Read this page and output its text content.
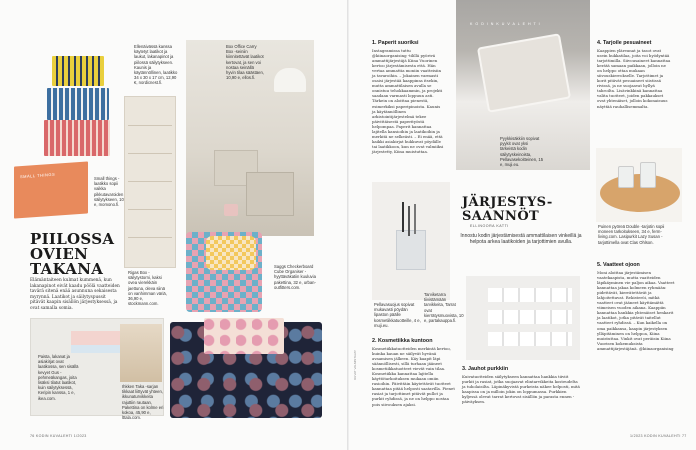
Ellenäivässä kanssa käytetyt laatikot ja laukut, lakanapinot ja piilossä säilytykseen. Kaunis ja käytännöllinen, laatikko 34 x 30 x 17 cm, 12,90 €, nordicnest.fi.
SMALL THINGS	Small things -laatikko sopii vaikka pikkutavaroiden säilytykseen, 10 e, momono.fi.
Box Office Carry Box -seiniin kiinnitettävät laatikot kertovat, ja sen voi nostaa seinällä hyvin tilaa säästäen, 10,90 e, ellos.fi.
PIILOSSA
OVIEN
TAKANA
Elämäntaiteen kulmat kummenä, kun lakanapinot eivät kaadu pöölä vaatteiden tavärä sitenä enää asunnuna sekaisesta myrynnä. Laatikot ja säilytyspussit pitävät kaapin sisällön järjestyksessä, ja ovat samalla somia.
Rigas Box -säilytystorni, kaksi ovea vierekkäin jaettuna, oleva siinä on vanhimman väriä, 36,90 e, stockmann.com.
Saggs Checkerboard Cube Organiser -hyyttäväkatiin kuuluvia pakettina, 32 e, urban-outfitters.com.
Paista, lakanat ja asiakirjat ovat laatikossa, sen sisällä kevyet Gus -pehmeäkangas, joita lisäksi tilatut laatikot, kuin säilytyksessä, Keripin kanssa, 1 e, ikea.com.
Ihkken Taka -sarjan tikkaat liittyvät yhteen, ikkunaturvikkeita rajuttiin rautaan, Pakettina on kolme eri kokoa, 45,90 e, lttala.com.
76 KODIN KUVALEHTI 1/2023
K O D I N K U V A L E H T I
Pyykkisäkkiin sopivat pyykit ovat yksi tärkeistä kodin säilytyskeinoista, Pellavasekoitteinen, 15 e, muji.eu.
1. Paperit suoriksi
Instagramissa tuttu @kiinaorganising -tilillä pyörivä ammattijärjestäjä Kiina Vuorinen kertoo järjestämisesta että. Hän vertaa ammattia moniin vaatteisiin ja tavaroihin. – Jokainen varmasti osaisi järjestää kaappinsa itsekin, mutta ammattilaisen avulla se onnistuu tehokkaammin, ja projekti saadaan varmasti loppuun asti. Tärkein on aloittaa pienestä, esimerkiksi paperipinoista. Kaunis ja käytännöllinen arkistointijärjestelmä tekee päivittäisestä paperityöstä helpompaa. Paperit kannattaa lajitella kansioihin ja laatikoihin ja merkitä ne selkeästi. – Ei enää, että kaikki asiakirjat hukkuvat pöydälle tai laatikkoon, kun ne ovat valmiiksi järjestetty, Kiina muistuttaa.
4. Tarjoile pesuaineet
Kaappien yläreunat ja tasot ovat usein hukkatilaa, joita voi hyödyntää tarjottimilla. Siivousaineet kannattaa kerätä samaan paikkaan, jolloin ne on helppo ottaa mukaan siivouskierrokselle. Tarjottimet ja korit pitävät pesuaineet siistissä rivissä, ja ne suojaavat hyllyä tahroilta. Lisävinkkinä kannattaa valita tuotteet, joiden pakkaukset ovat yhtenäiset, jolloin kokonaisuus näyttää rauhallisemmalta.
Puinen pyöreä Double -tarjotin sopii moneen tarkoitukseen, 34 e, ferm-living.com. Lasipurkit Lazy Susan -tarjottimella ovat Clas Ohlson.
Pellavasuojus sopivat mukavasti pöydän lipaston päälle kosmetiikkatuotteille, 4 e, muji.eu.
JÄRJESTYS-
SAANNÖT
ELLINOORA KATTI
Innostu kodin järjestämisestä ammattilaisen vinkeillä ja helpota arkea laatikoiden ja tarjottimien avulla.
Tarviketarra tiivistämään tarvikkeita, Tarrat ovat kierrätysmuovista, 10 e, partakauppa.fi.
2. Kosmetiikka kuntoon
Kosmetiikkatuotteiden merkintä kertoo, kuinka kauan ne säilyvät hyvänä avaamisen jälkeen. Käy kaapit läpi säännöllisesti, sillä turhaan jääneet kosmetiikkatuotteet vievät vain tilaa. Kosmetiikka kannattaa lajitella käyttötarkoituksen mukaan omiin rasioihin. Päivittäin käytettävät tuotteet kannattaa pitää helposti saatavilla. Pienet rasiat ja tarjottimet pitävät pullot ja purkit ryhdissä, ja ne on helppo nostaa pois siivouksen ajaksi.
3. Jauhot purkkiin
Kuivatuotteiden säilytykseen kannattaa hankkia tiiviit purkit ja rasiat, jotka suojaavat elintarvikkeita kosteudelta ja tuholaisilta. Läpinäkyvistä purkeista näkee helposti, mitä kaapissa on ja milloin jokin on loppumassa. Purkkien kyljessä olevat tarrat kertovat sisällön ja parasta ennen -päiväyksen.
5. Vaatteet ojoon
Moni aloittaa järjestämisen vaatekaapista, mutta vaatteiden läpikäyminen vie paljon aikaa. Vaatteet kannattaa jakaa kolmeen ryhmään: pidettävät, kierrätettävät ja lahjoitettavat. Rekisteröi, mitkä vaatteet ovat jääneet käyttämättä viimeisen vuoden aikana. Kaappiin kannattaa hankkia yhtenäiset henkarit ja laatikot, jotka pitävät taitellut vaatteet ryhdissä. – Kun kaikella on oma paikkansa, kaapin järjestyksen ylläpitäminen on helppoa, Kiina muistuttaa. Vinkit ovat peräisin Kiina Vuorisen kokemuksista ammattijärjestäjänä. @kiinaorganising
KUVAT VALMISTAJAT
1/2023 KODIN KUVALEHTI 77
